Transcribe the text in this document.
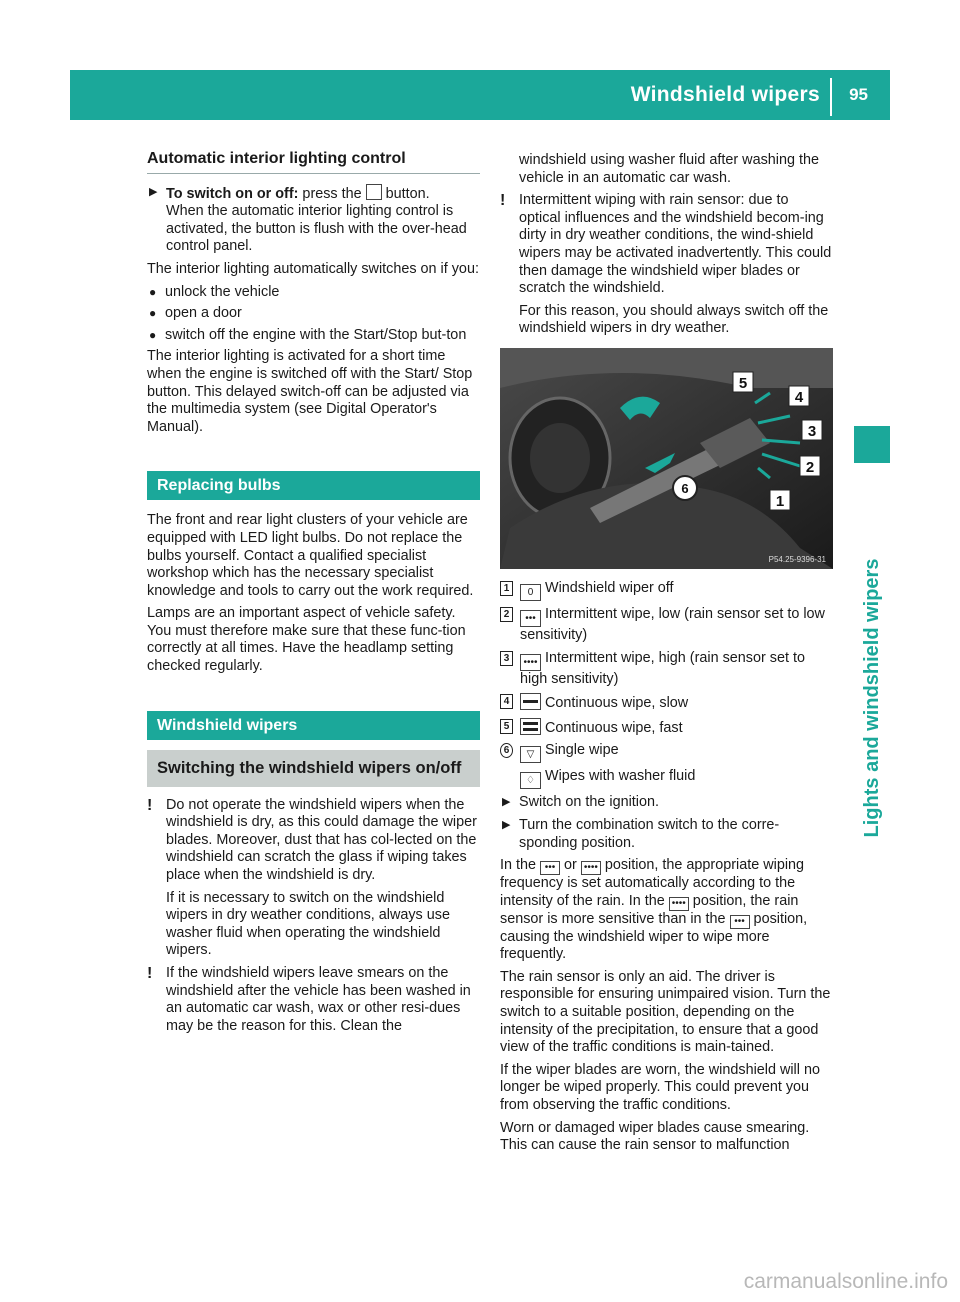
Windshield wipers 95
Lights and windshield wipers
Automatic interior lighting control
▶ To switch on or off: press the  button.
When the automatic interior lighting control is activated, the button is flush with the over-head control panel.

The interior lighting automatically switches on if you:

● unlock the vehicle
● open a door
● switch off the engine with the Start/Stop but-ton

The interior lighting is activated for a short time when the engine is switched off with the Start/ Stop button. This delayed switch-off can be adjusted via the multimedia system (see Digital Operator's Manual).

Replacing bulbs

The front and rear light clusters of your vehicle are equipped with LED light bulbs. Do not replace the bulbs yourself. Contact a qualified specialist workshop which has the necessary specialist knowledge and tools to carry out the work required.

Lamps are an important aspect of vehicle safety. You must therefore make sure that these func-tion correctly at all times. Have the headlamp setting checked regularly.

Windshield wipers
Switching the windshield wipers on/off
! Do not operate the windshield wipers when the windshield is dry, as this could damage the wiper blades. Moreover, dust that has col-lected on the windshield can scratch the glass if wiping takes place when the windshield is dry.
If it is necessary to switch on the windshield wipers in dry weather conditions, always use washer fluid when operating the windshield wipers.
! If the windshield wipers leave smears on the windshield after the vehicle has been washed in an automatic car wash, wax or other resi-dues may be the reason for this. Clean the
windshield using washer fluid after washing the vehicle in an automatic car wash.
! Intermittent wiping with rain sensor: due to optical influences and the windshield becom-ing dirty in dry weather conditions, the wind-shield wipers may be activated inadvertently. This could then damage the windshield wiper blades or scratch the windshield.
For this reason, you should always switch off the windshield wipers in dry weather.
5
4
3
2
1
6
P54.25-9396-31
1	0 Windshield wiper off
2	••• Intermittent wipe, low (rain sensor set to low sensitivity)
3	•••• Intermittent wipe, high (rain sensor set to high sensitivity)
4 Continuous wipe, slow
5 Continuous wipe, fast
6	▽ Single wipe
♢ Wipes with washer fluid
▶ Switch on the ignition.
▶ Turn the combination switch to the corre-sponding position.

In the ••• or •••• position, the appropriate wiping frequency is set automatically according to the intensity of the rain. In the •••• position, the rain sensor is more sensitive than in the ••• position, causing the windshield wiper to wipe more frequently.

The rain sensor is only an aid. The driver is responsible for ensuring unimpaired vision. Turn the switch to a suitable position, depending on the intensity of the precipitation, to ensure that a good view of the traffic conditions is main-tained.

If the wiper blades are worn, the windshield will no longer be wiped properly. This could prevent you from observing the traffic conditions.

Worn or damaged wiper blades cause smearing. This can cause the rain sensor to malfunction

carmanualsonline.info
